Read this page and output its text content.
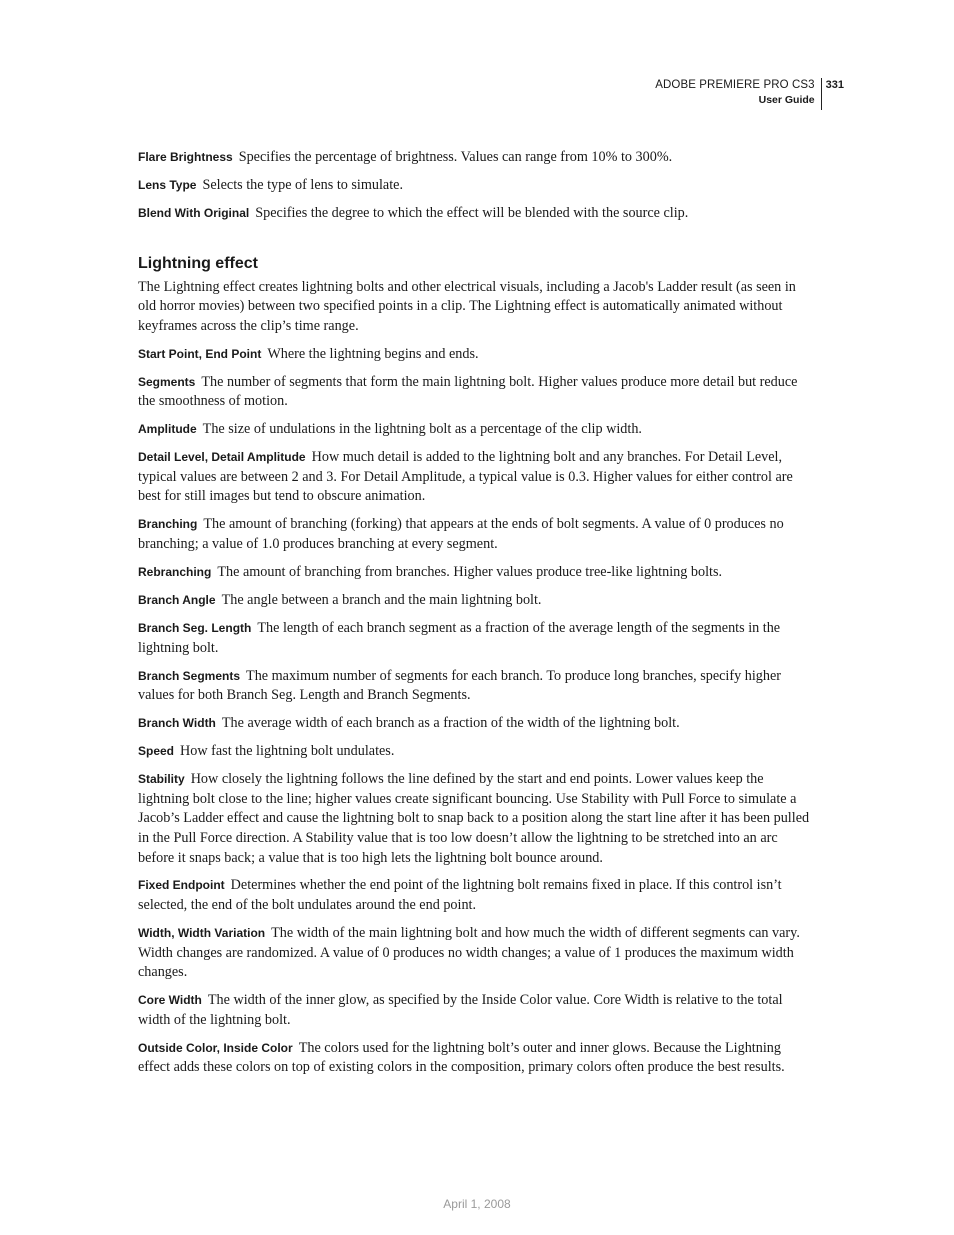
ADOBE PREMIERE PRO CS3
User Guide
331

Flare Brightness Specifies the percentage of brightness. Values can range from 10% to 300%.

Lens Type Selects the type of lens to simulate.

Blend With Original Specifies the degree to which the effect will be blended with the source clip.

Lightning effect

The Lightning effect creates lightning bolts and other electrical visuals, including a Jacob's Ladder result (as seen in old horror movies) between two specified points in a clip. The Lightning effect is automatically animated without keyframes across the clip’s time range.

Start Point, End Point Where the lightning begins and ends.

Segments The number of segments that form the main lightning bolt. Higher values produce more detail but reduce the smoothness of motion.

Amplitude The size of undulations in the lightning bolt as a percentage of the clip width.

Detail Level, Detail Amplitude How much detail is added to the lightning bolt and any branches. For Detail Level, typical values are between 2 and 3. For Detail Amplitude, a typical value is 0.3. Higher values for either control are best for still images but tend to obscure animation.

Branching The amount of branching (forking) that appears at the ends of bolt segments. A value of 0 produces no branching; a value of 1.0 produces branching at every segment.

Rebranching The amount of branching from branches. Higher values produce tree-like lightning bolts.

Branch Angle The angle between a branch and the main lightning bolt.

Branch Seg. Length The length of each branch segment as a fraction of the average length of the segments in the lightning bolt.

Branch Segments The maximum number of segments for each branch. To produce long branches, specify higher values for both Branch Seg. Length and Branch Segments.

Branch Width The average width of each branch as a fraction of the width of the lightning bolt.

Speed How fast the lightning bolt undulates.

Stability How closely the lightning follows the line defined by the start and end points. Lower values keep the lightning bolt close to the line; higher values create significant bouncing. Use Stability with Pull Force to simulate a Jacob’s Ladder effect and cause the lightning bolt to snap back to a position along the start line after it has been pulled in the Pull Force direction. A Stability value that is too low doesn’t allow the lightning to be stretched into an arc before it snaps back; a value that is too high lets the lightning bolt bounce around.

Fixed Endpoint Determines whether the end point of the lightning bolt remains fixed in place. If this control isn’t selected, the end of the bolt undulates around the end point.

Width, Width Variation The width of the main lightning bolt and how much the width of different segments can vary. Width changes are randomized. A value of 0 produces no width changes; a value of 1 produces the maximum width changes.

Core Width The width of the inner glow, as specified by the Inside Color value. Core Width is relative to the total width of the lightning bolt.

Outside Color, Inside Color The colors used for the lightning bolt’s outer and inner glows. Because the Lightning effect adds these colors on top of existing colors in the composition, primary colors often produce the best results.

April 1, 2008
